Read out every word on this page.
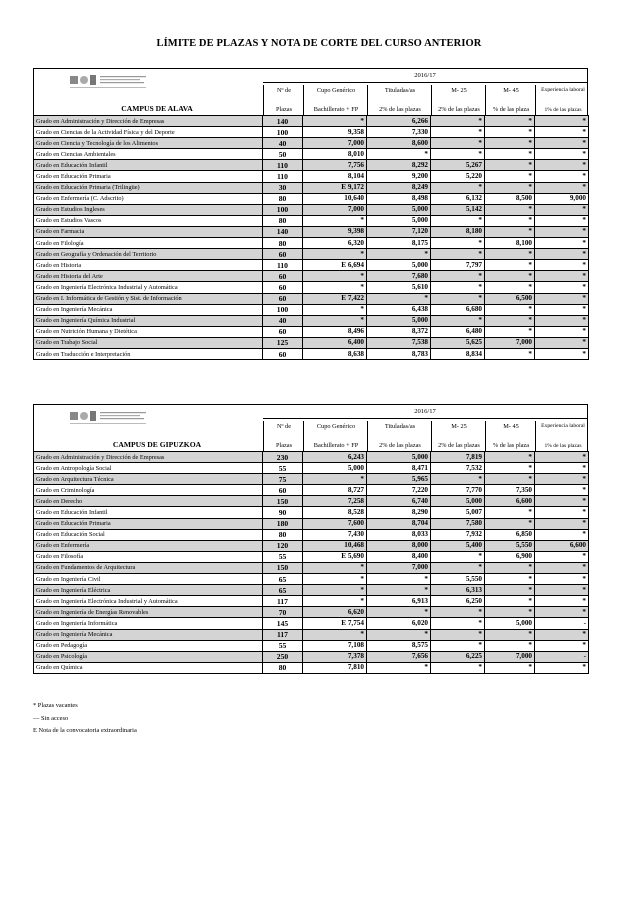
LÍMITE DE PLAZAS Y NOTA DE CORTE DEL CURSO ANTERIOR
CAMPUS DE ALAVA
2016/17
Nº de
Plazas
Cupo Genérico
Bachillerato + FP
Tituladas/as
2% de las plazas
M- 25
2% de las plazas
M- 45
% de las plaza
Experiencia laboral
1% de las plazas
Grado en Administración y Dirección de Empresas	140	*	6,266	*	*	*
Grado en Ciencias de la Actividad Física y del Deporte	100	9,358	7,330	*	*	*
Grado en Ciencia y Tecnología de los Alimentos	40	7,000	8,600	*	*	*
Grado en Ciencias Ambientales	50	8,010	*	*	*	*
Grado en Educación Infantil	110	7,756	8,292	5,267	*	*
Grado en Educación Primaria	110	8,104	9,200	5,220	*	*
Grado en Educación Primaria (Trilingüe)	30	E 9,172	8,249	*	*	*
Grado en Enfermería (C. Adscrito)	80	10,640	8,498	6,132	8,500	9,000
Grado en Estudios Ingleses	100	7,000	5,000	5,142	*	*
Grado en Estudios Vascos	80	*	5,000	*	*	*
Grado en Farmacia	140	9,398	7,120	8,180	*	*
Grado en Filología	80	6,320	8,175	*	8,100	*
Grado en Geografía y Ordenación del Territorio	60	*	*	*	*	*
Grado en Historia	110	E 6,694	5,000	7,797	*	*
Grado en Historia del Arte	60	*	7,680	*	*	*
Grado en Ingeniería Electrónica Industrial y Automática	60	*	5,610	*	*	*
Grado en I. Informática de Gestión y Sist. de Información	60	E 7,422	*	*	6,500	*
Grado en Ingeniería Mecánica	100	*	6,438	6,680	*	*
Grado en Ingeniería Química Industrial	40	*	5,000	*	*	*
Grado en Nutrición Humana y Dietética	60	8,496	8,372	6,480	*	*
Grado en Trabajo Social	125	6,400	7,538	5,625	7,000	*
Grado en Traducción e Interpretación	60	8,638	8,783	8,834	*	*
CAMPUS DE GIPUZKOA
2016/17
Nº de
Plazas
Cupo Genérico
Bachillerato + FP
Tituladas/as
2% de las plazas
M- 25
2% de las plazas
M- 45
% de las plaza
Experiencia laboral
1% de las plazas
Grado en Administración y Dirección de Empresas	230	6,243	5,000	7,819	*	*
Grado en Antropología Social	55	5,000	8,471	7,532	*	*
Grado en Arquitectura Técnica	75	*	5,965	*	*	*
Grado en Criminología	60	8,727	7,220	7,770	7,350	*
Grado en Derecho	150	7,258	6,740	5,000	6,600	*
Grado en Educación Infantil	90	8,528	8,290	5,007	*	*
Grado en Educación Primaria	180	7,600	8,704	7,580	*	*
Grado en Educación Social	80	7,430	8,033	7,932	6,850	*
Grado en Enfermería	120	10,468	8,000	5,400	5,550	6,600
Grado en Filosofía	55	E 5,690	8,400	*	6,900	*
Grado en Fundamentos de Arquitectura	150	*	7,000	*	*	*
Grado en Ingeniería Civil	65	*	*	5,550	*	*
Grado en Ingeniería Eléctrica	65	*	*	6,313	*	*
Grado en Ingeniería Electrónica Industrial y Automática	117	*	6,913	6,250	*	*
Grado en Ingeniería de Energías Renovables	70	6,620	*	*	*	*
Grado en Ingeniería Informática	145	E 7,754	6,020	*	5,000	-
Grado en Ingeniería Mecánica	117	*	*	*	*	*
Grado en Pedagogía	55	7,108	8,575	*	*	*
Grado en Psicología	250	7,378	7,656	6,225	7,000	-
Grado en Química	80	7,810	*	*	*	*
* Plazas vacantes
— Sin acceso
E Nota de la convocatoria extraordinaria
